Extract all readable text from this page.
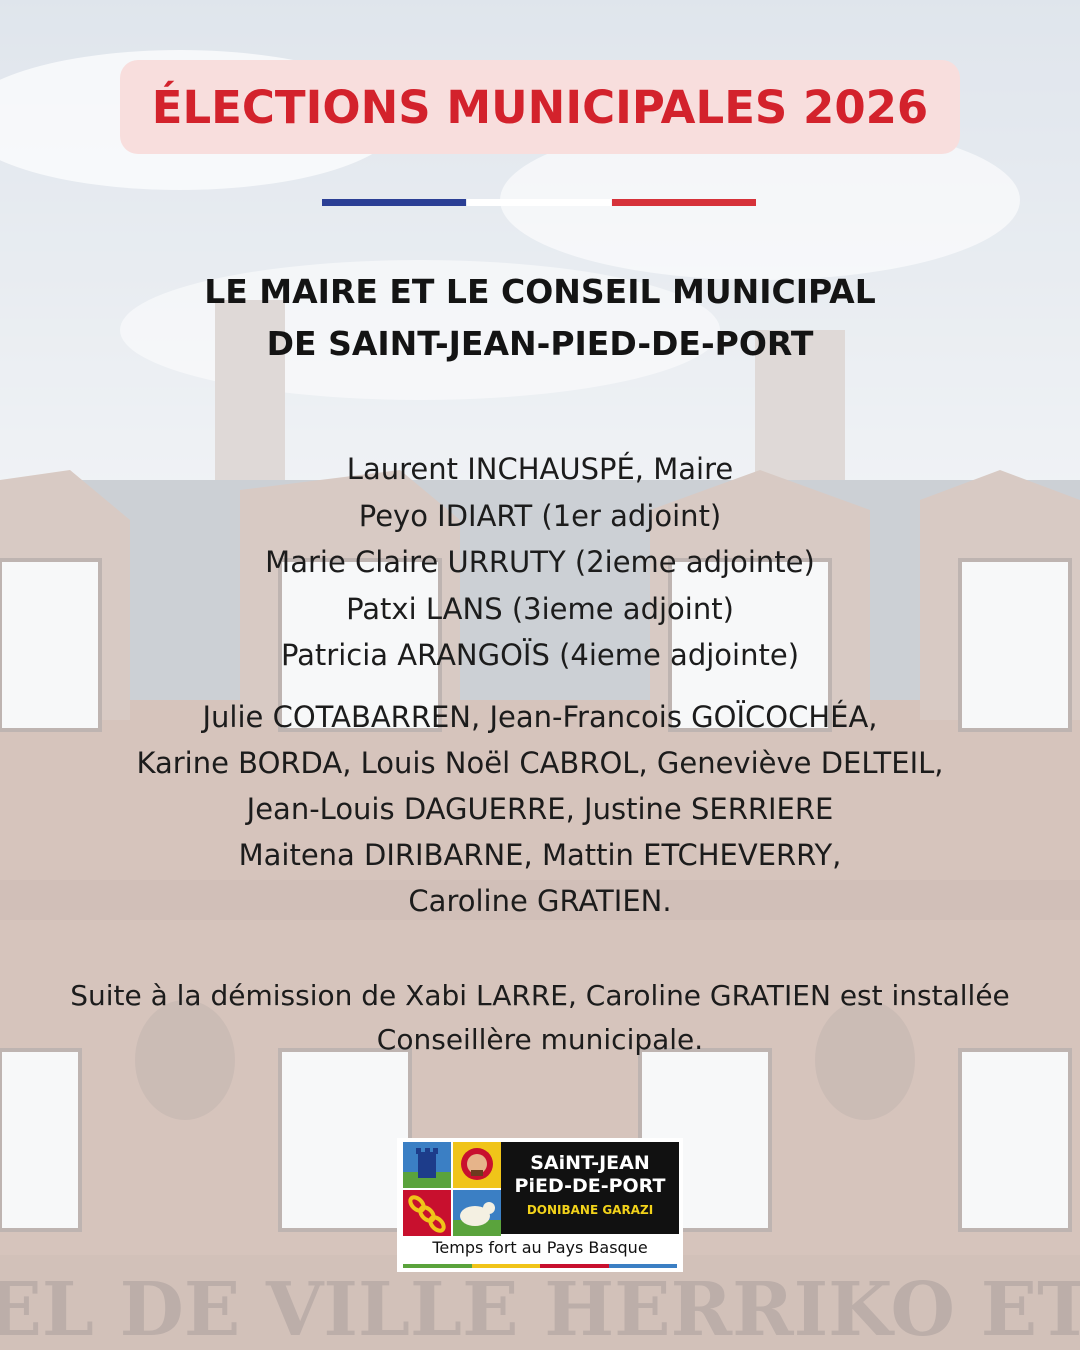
ÉLECTIONS MUNICIPALES 2026
LE MAIRE ET LE CONSEIL MUNICIPAL
DE SAINT-JEAN-PIED-DE-PORT
Laurent INCHAUSPÉ, Maire
Peyo IDIART (1er adjoint)
Marie Claire URRUTY (2ieme adjointe)
Patxi LANS (3ieme adjoint)
Patricia ARANGOÏS (4ieme adjointe)
Julie COTABARREN, Jean-Francois GOÏCOCHÉA,
Karine BORDA, Louis Noël CABROL, Geneviève DELTEIL,
Jean-Louis DAGUERRE, Justine SERRIERE
Maitena DIRIBARNE, Mattin ETCHEVERRY,
Caroline GRATIEN.
Suite à la démission de Xabi LARRE, Caroline GRATIEN est installée
Conseillère municipale.
SAiNT-JEAN
PiED-DE-PORT
DONIBANE GARAZI
Temps fort au Pays Basque
